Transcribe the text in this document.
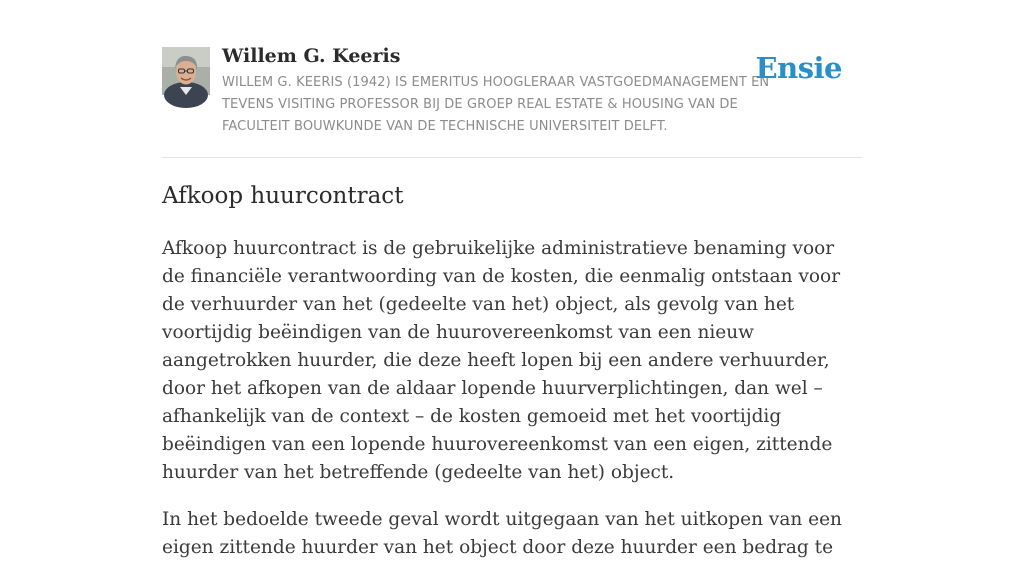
Willem G. Keeris

WILLEM G. KEERIS (1942) IS EMERITUS HOOGLERAAR VASTGOEDMANAGEMENT EN TEVENS VISITING PROFESSOR BIJ DE GROEP REAL ESTATE & HOUSING VAN DE FACULTEIT BOUWKUNDE VAN DE TECHNISCHE UNIVERSITEIT DELFT.

Ensie
Afkoop huurcontract

Afkoop huurcontract is de gebruikelijke administratieve benaming voor de financiële verantwoording van de kosten, die eenmalig ontstaan voor de verhuurder van het (gedeelte van het) object, als gevolg van het voortijdig beëindigen van de huurovereenkomst van een nieuw aangetrokken huurder, die deze heeft lopen bij een andere verhuurder, door het afkopen van de aldaar lopende huurverplichtingen, dan wel – afhankelijk van de context – de kosten gemoeid met het voortijdig beëindigen van een lopende huurovereenkomst van een eigen, zittende huurder van het betreffende (gedeelte van het) object.

In het bedoelde tweede geval wordt uitgegaan van het uitkopen van een eigen zittende huurder van het object door deze huurder een bedrag te
